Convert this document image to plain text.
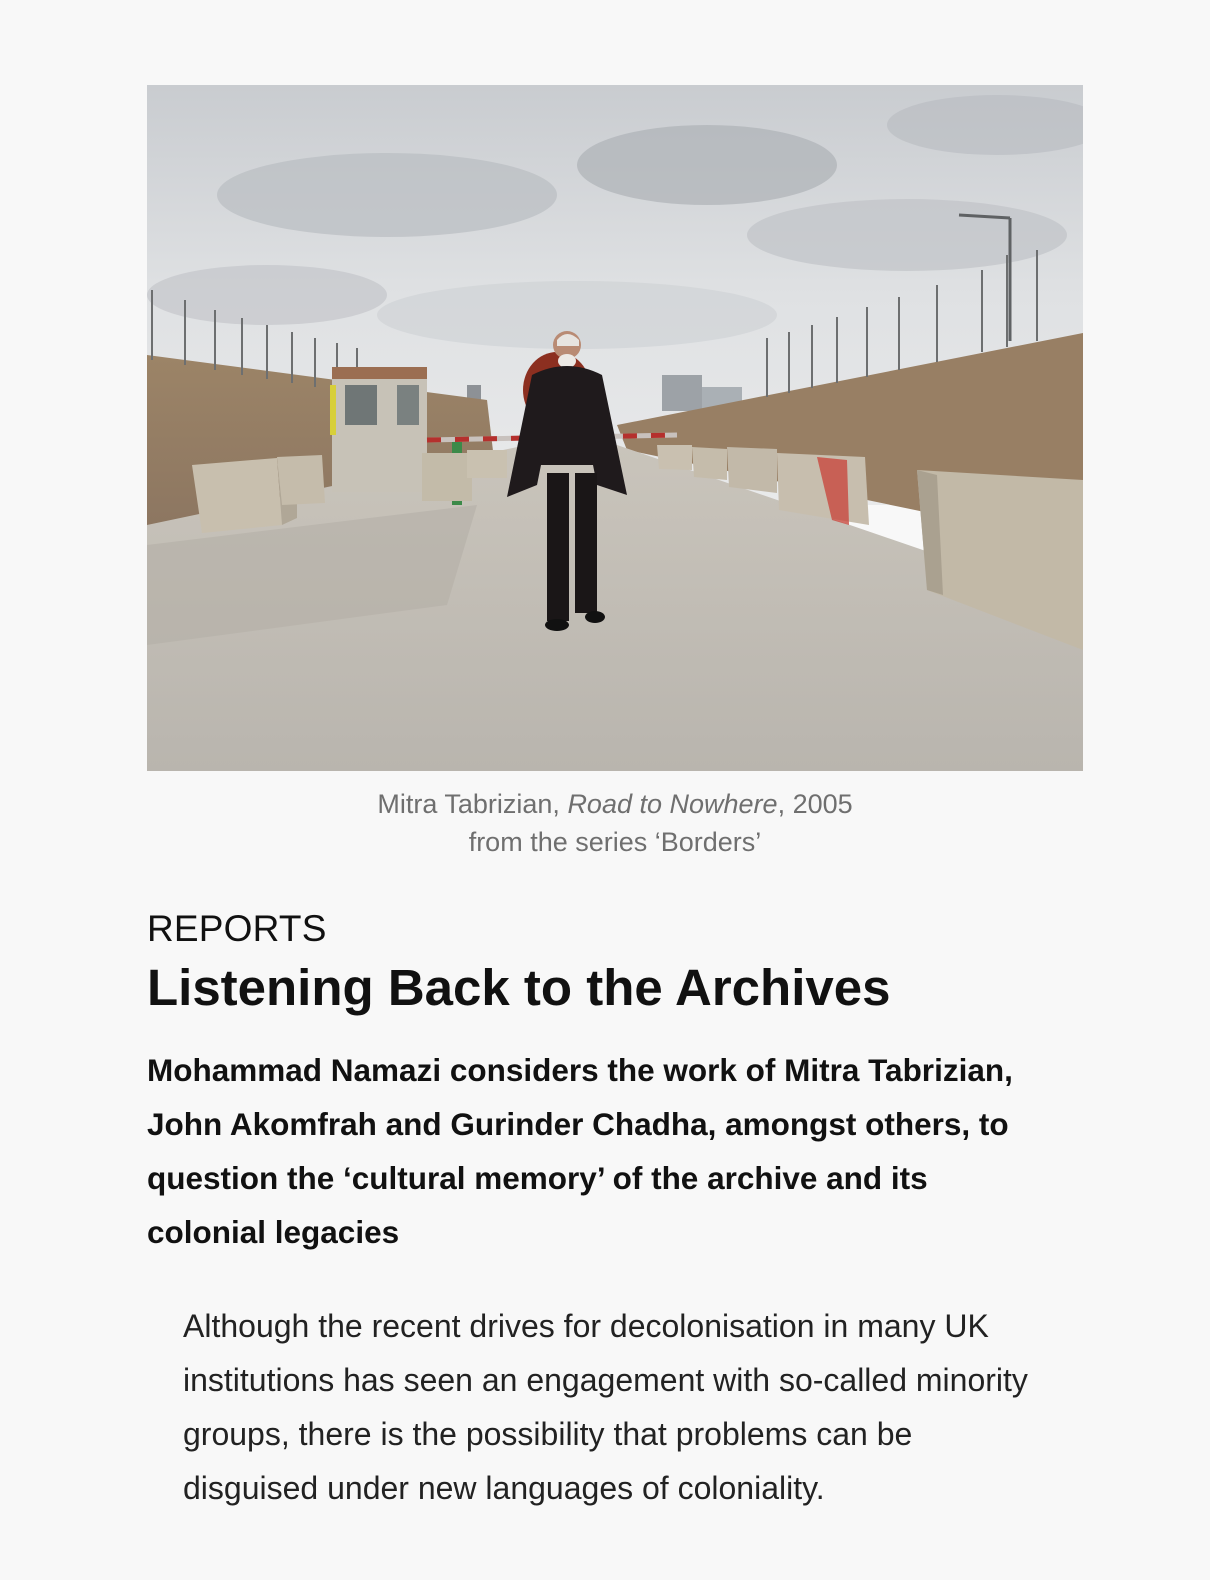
Mitra Tabrizian, Road to Nowhere, 2005
from the series ‘Borders’
REPORTS
Listening Back to the Archives
Mohammad Namazi considers the work of Mitra Tabrizian, John Akomfrah and Gurinder Chadha, amongst others, to question the ‘cultural memory’ of the archive and its colonial legacies

Although the recent drives for decolonisation in many UK institutions has seen an engagement with so-called minority groups, there is the possibility that problems can be disguised under new languages of coloniality.
